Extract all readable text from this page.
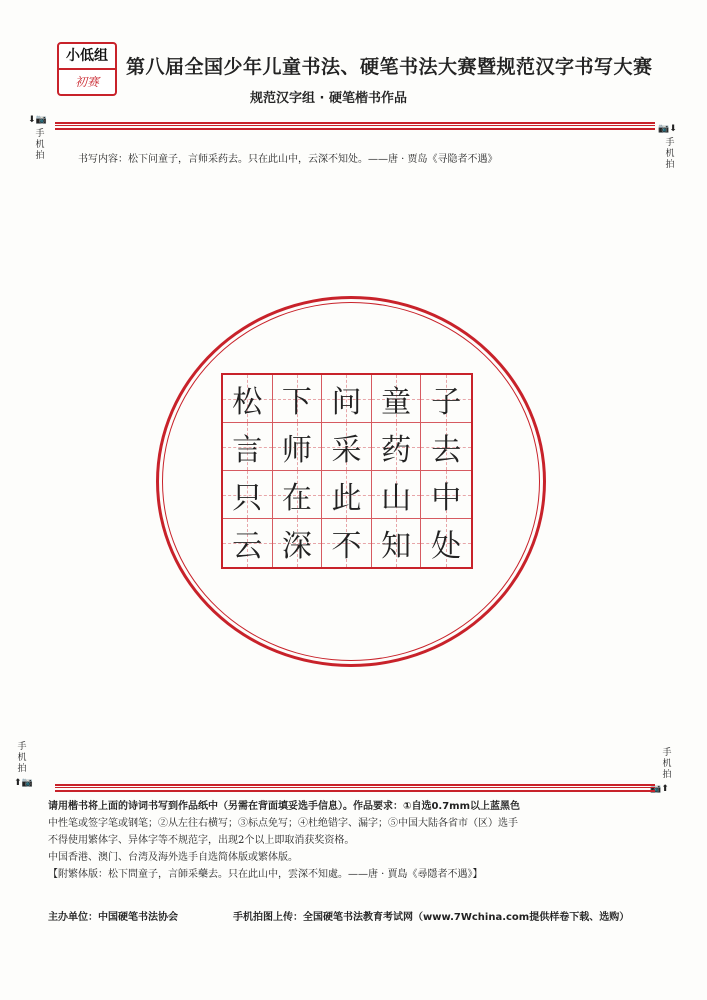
小低组
初赛
第八届全国少年儿童书法、硬笔书法大赛暨规范汉字书写大赛
规范汉字组 · 硬笔楷书作品
⬇📷
手机拍
📷⬇
手机拍
书写内容：松下问童子，言师采药去。只在此山中，云深不知处。——唐 · 贾岛《寻隐者不遇》
松 下 问 童 子
言 师 采 药 去
只 在 此 山 中
云 深 不 知 处
手机拍
⬆📷
手机拍
📷⬆

请用楷书将上面的诗词书写到作品纸中（另需在背面填妥选手信息）。作品要求：①自选0.7mm以上蓝黑色

中性笔或签字笔或钢笔；②从左往右横写；③标点免写；④杜绝错字、漏字；⑤中国大陆各省市（区）选手

不得使用繁体字、异体字等不规范字，出现2个以上即取消获奖资格。

中国香港、澳门、台湾及海外选手自选简体版或繁体版。

【附繁体版：松下問童子，言師采藥去。只在此山中，雲深不知處。——唐 · 賈島《尋隱者不遇》】

主办单位：中国硬笔书法协会	手机拍图上传：全国硬笔书法教育考试网（www.7Wchina.com提供样卷下载、选购）
